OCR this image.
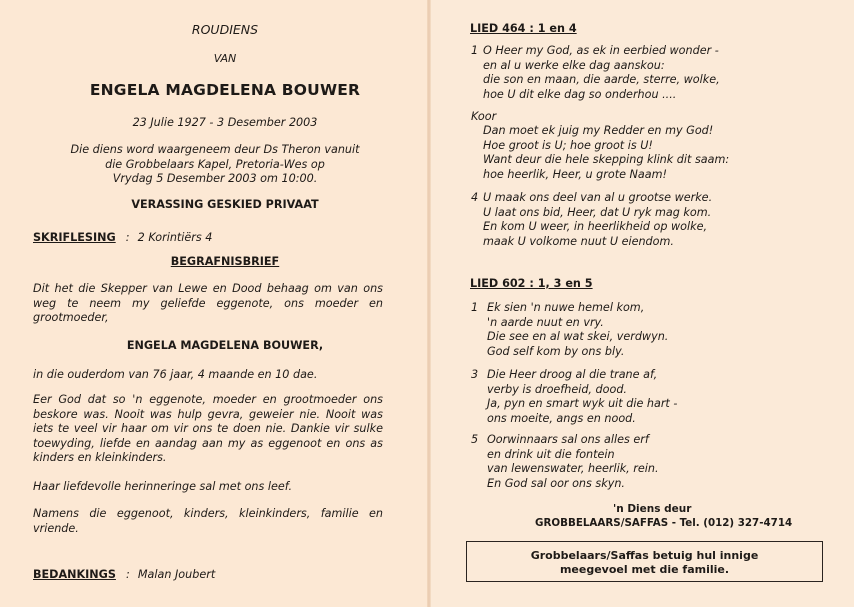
ROUDIENS
VAN
ENGELA MAGDELENA BOUWER
23 Julie 1927 - 3 Desember 2003
Die diens word waargeneem deur Ds Theron vanuit
die Grobbelaars Kapel, Pretoria-Wes op
Vrydag 5 Desember 2003 om 10:00.
VERASSING GESKIED PRIVAAT
SKRIFLESING : 2 Korintiërs 4
BEGRAFNISBRIEF
Dit het die Skepper van Lewe en Dood behaag om van ons weg te neem my geliefde eggenote, ons moeder en grootmoeder,
ENGELA MAGDELENA BOUWER,
in die ouderdom van 76 jaar, 4 maande en 10 dae.
Eer God dat so 'n eggenote, moeder en grootmoeder ons beskore was. Nooit was hulp gevra, geweier nie. Nooit was iets te veel vir haar om vir ons te doen nie. Dankie vir sulke toewyding, liefde en aandag aan my as eggenoot en ons as kinders en kleinkinders.
Haar liefdevolle herinneringe sal met ons leef.
Namens die eggenoot, kinders, kleinkinders, familie en vriende.
BEDANKINGS : Malan Joubert
LIED 464 : 1 en 4
1 O Heer my God, as ek in eerbied wonder -
en al u werke elke dag aanskou:
die son en maan, die aarde, sterre, wolke,
hoe U dit elke dag so onderhou ....
Koor
Dan moet ek juig my Redder en my God!
Hoe groot is U; hoe groot is U!
Want deur die hele skepping klink dit saam:
hoe heerlik, Heer, u grote Naam!
4 U maak ons deel van al u grootse werke.
U laat ons bid, Heer, dat U ryk mag kom.
En kom U weer, in heerlikheid op wolke,
maak U volkome nuut U eiendom.
LIED 602 : 1, 3 en 5
1 Ek sien 'n nuwe hemel kom,
'n aarde nuut en vry.
Die see en al wat skei, verdwyn.
God self kom by ons bly.
3 Die Heer droog al die trane af,
verby is droefheid, dood.
Ja, pyn en smart wyk uit die hart -
ons moeite, angs en nood.
5 Oorwinnaars sal ons alles erf
en drink uit die fontein
van lewenswater, heerlik, rein.
En God sal oor ons skyn.
'n Diens deur
GROBBELAARS/SAFFAS - Tel. (012) 327-4714
Grobbelaars/Saffas betuig hul innige
meegevoel met die familie.
